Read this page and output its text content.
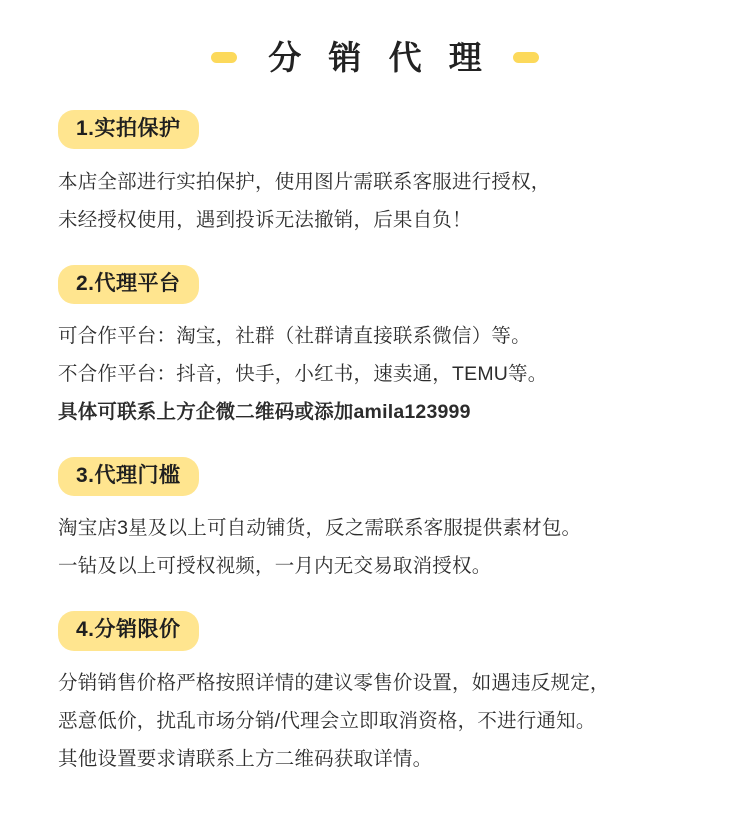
分 销 代 理
1.实拍保护
本店全部进行实拍保护，使用图片需联系客服进行授权，
未经授权使用，遇到投诉无法撤销，后果自负！
2.代理平台
可合作平台：淘宝，社群（社群请直接联系微信）等。
不合作平台：抖音，快手，小红书，速卖通，TEMU等。
具体可联系上方企微二维码或添加amila123999
3.代理门槛
淘宝店3星及以上可自动铺货，反之需联系客服提供素材包。
一钻及以上可授权视频，一月内无交易取消授权。
4.分销限价
分销销售价格严格按照详情的建议零售价设置，如遇违反规定，
恶意低价，扰乱市场分销/代理会立即取消资格，不进行通知。
其他设置要求请联系上方二维码获取详情。
